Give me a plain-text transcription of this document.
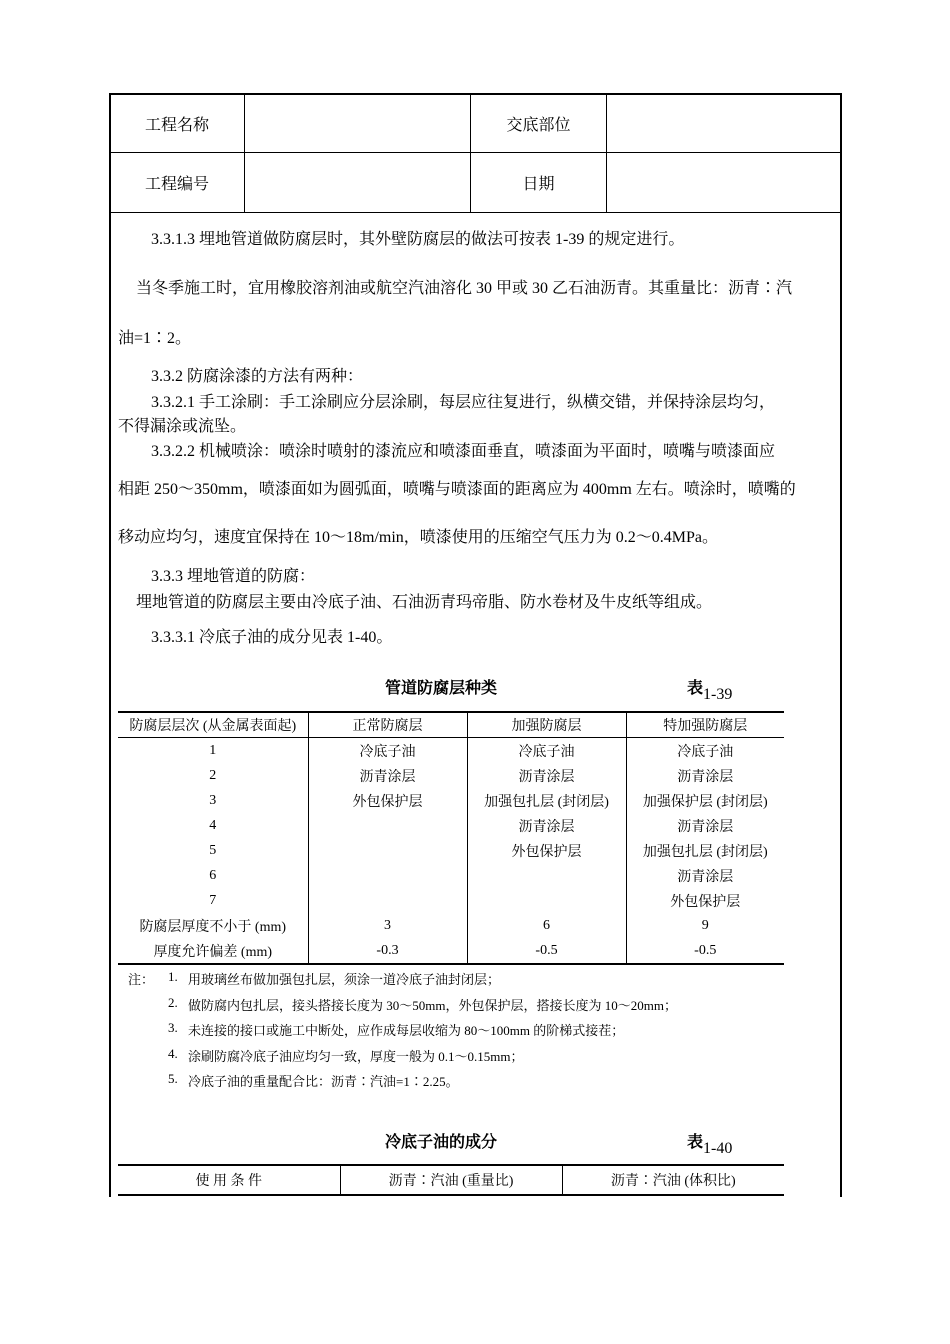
工程名称	交底部位
工程编号	日期
3.3.1.3 埋地管道做防腐层时，其外壁防腐层的做法可按表 1-39 的规定进行。
当冬季施工时，宜用橡胶溶剂油或航空汽油溶化 30 甲或 30 乙石油沥青。其重量比：沥青∶汽
油=1∶2。
3.3.2 防腐涂漆的方法有两种：
3.3.2.1 手工涂刷：手工涂刷应分层涂刷，每层应往复进行，纵横交错，并保持涂层均匀，
不得漏涂或流坠。
3.3.2.2 机械喷涂：喷涂时喷射的漆流应和喷漆面垂直，喷漆面为平面时，喷嘴与喷漆面应
相距 250～350mm，喷漆面如为圆弧面，喷嘴与喷漆面的距离应为 400mm 左右。喷涂时，喷嘴的
移动应均匀，速度宜保持在 10～18m/min，喷漆使用的压缩空气压力为 0.2～0.4MPa。
3.3.3 埋地管道的防腐：
埋地管道的防腐层主要由冷底子油、石油沥青玛帝脂、防水卷材及牛皮纸等组成。
3.3.3.1 冷底子油的成分见表 1-40。
管道防腐层种类	表1-39
防腐层层次 (从金属表面起)	正常防腐层	加强防腐层	特加强防腐层
1	冷底子油	冷底子油	冷底子油
2	沥青涂层	沥青涂层	沥青涂层
3	外包保护层	加强包扎层 (封闭层)	加强保护层 (封闭层)
4		沥青涂层	沥青涂层
5		外包保护层	加强包扎层 (封闭层)
6			沥青涂层
7			外包保护层
防腐层厚度不小于 (mm)	3	6	9
厚度允许偏差 (mm)	-0.3	-0.5	-0.5
注：	1. 用玻璃丝布做加强包扎层，须涂一道冷底子油封闭层；
2. 做防腐内包扎层，接头搭接长度为 30～50mm，外包保护层，搭接长度为 10～20mm；
3. 未连接的接口或施工中断处，应作成每层收缩为 80～100mm 的阶梯式接茬；
4. 涂刷防腐冷底子油应均匀一致，厚度一般为 0.1～0.15mm；
5. 冷底子油的重量配合比：沥青∶汽油=1∶2.25。
冷底子油的成分	表1-40
使 用 条 件	沥青∶汽油 (重量比)	沥青∶汽油 (体积比)
